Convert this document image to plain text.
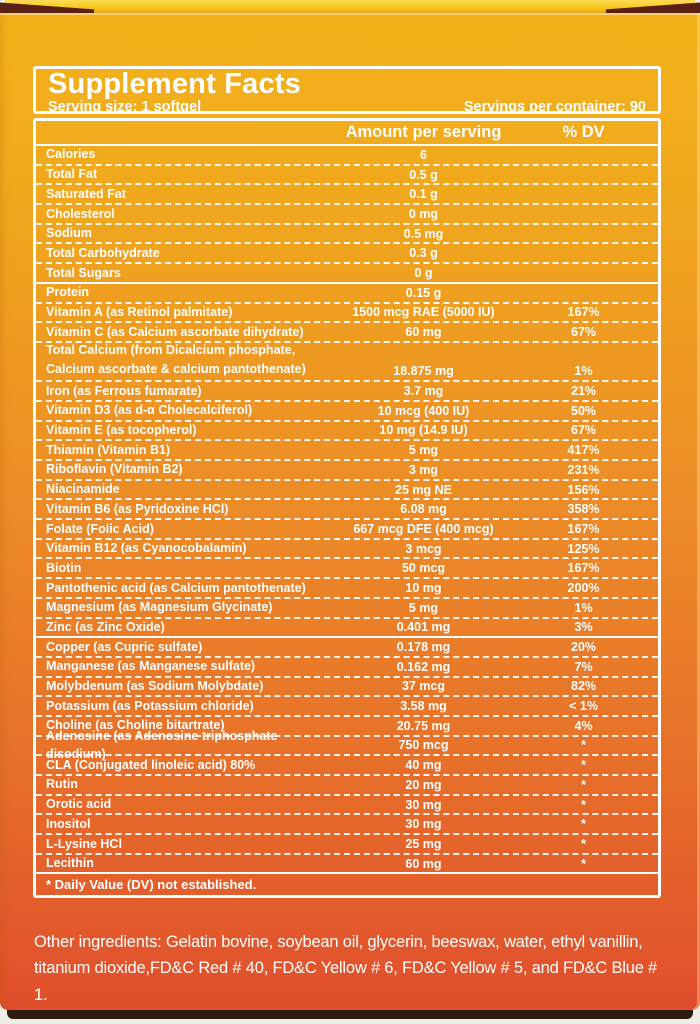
Supplement Facts
Serving size: 1 softgel	Servings per container: 90
Amount per serving	% DV
Calories	6
Total Fat	0.5 g
Saturated Fat	0.1 g
Cholesterol	0 mg
Sodium	0.5 mg
Total Carbohydrate	0.3 g
Total Sugars	0 g
Protein	0.15 g
Vitamin A (as Retinol palmitate)	1500 mcg RAE (5000 IU)	167%
Vitamin C (as Calcium ascorbate dihydrate)	60 mg	67%
Total Calcium (from Dicalcium phosphate,
Calcium ascorbate & calcium pantothenate)	18.875 mg	1%
Iron (as Ferrous fumarate)	3.7 mg	21%
Vitamin D3 (as d-α Cholecalciferol)	10 mcg (400 IU)	50%
Vitamin E (as tocopherol)	10 mg (14.9 IU)	67%
Thiamin (Vitamin B1)	5 mg	417%
Riboflavin (Vitamin B2)	3 mg	231%
Niacinamide	25 mg NE	156%
Vitamin B6 (as Pyridoxine HCl)	6.08 mg	358%
Folate (Folic Acid)	667 mcg DFE (400 mcg)	167%
Vitamin B12 (as Cyanocobalamin)	3 mcg	125%
Biotin	50 mcg	167%
Pantothenic acid (as Calcium pantothenate)	10 mg	200%
Magnesium (as Magnesium Glycinate)	5 mg	1%
Zinc (as Zinc Oxide)	0.401 mg	3%
Copper (as Cupric sulfate)	0.178 mg	20%
Manganese (as Manganese sulfate)	0.162 mg	7%
Molybdenum (as Sodium Molybdate)	37 mcg	82%
Potassium (as Potassium chloride)	3.58 mg	< 1%
Choline (as Choline bitartrate)	20.75 mg	4%
Adenosine (as Adenosine triphosphate disodium)
750 mcg	*
CLA (Conjugated linoleic acid) 80%	40 mg	*
Rutin	20 mg	*
Orotic acid	30 mg	*
Inositol	30 mg	*
L-Lysine HCl	25 mg	*
Lecithin	60 mg	*
* Daily Value (DV) not established.
Other ingredients: Gelatin bovine, soybean oil, glycerin, beeswax, water, ethyl vanillin,
titanium dioxide,FD&C Red # 40, FD&C Yellow # 6, FD&C Yellow # 5, and FD&C Blue # 1.
